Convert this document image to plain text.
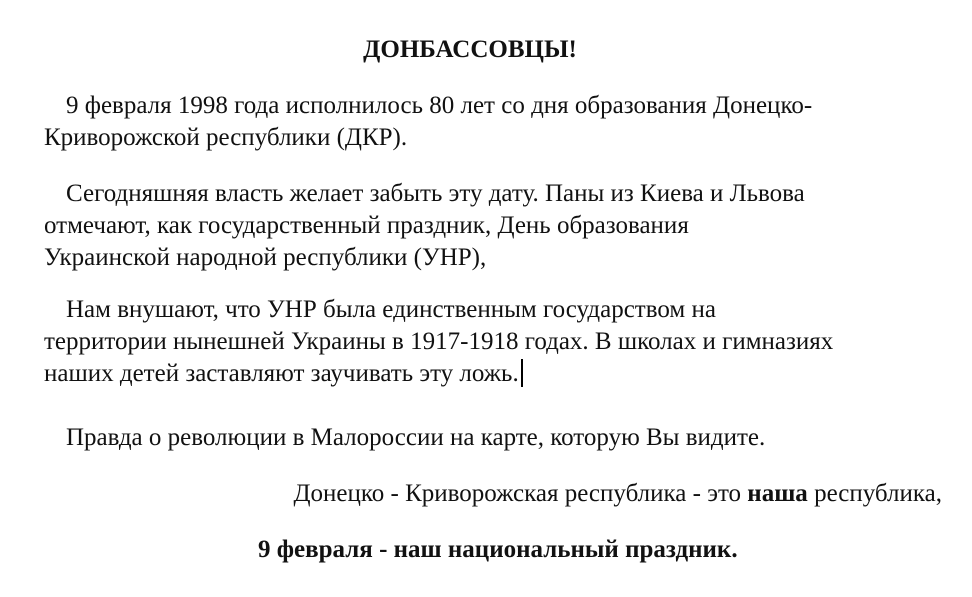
ДОНБАССОВЦЫ!
9 февраля 1998 года исполнилось 80 лет со дня образования Донецко-
Криворожской республики (ДКР).
Сегодняшняя власть желает забыть эту дату. Паны из Киева и Львова
отмечают, как государственный праздник, День образования
Украинской народной республики (УНР),
Нам внушают, что УНР была единственным государством на
территории нынешней Украины в 1917-1918 годах. В школах и гимназиях
наших детей заставляют заучивать эту ложь.
Правда о революции в Малороссии на карте, которую Вы видите.
Донецко - Криворожская республика - это наша республика,
9 февраля - наш национальный праздник.
